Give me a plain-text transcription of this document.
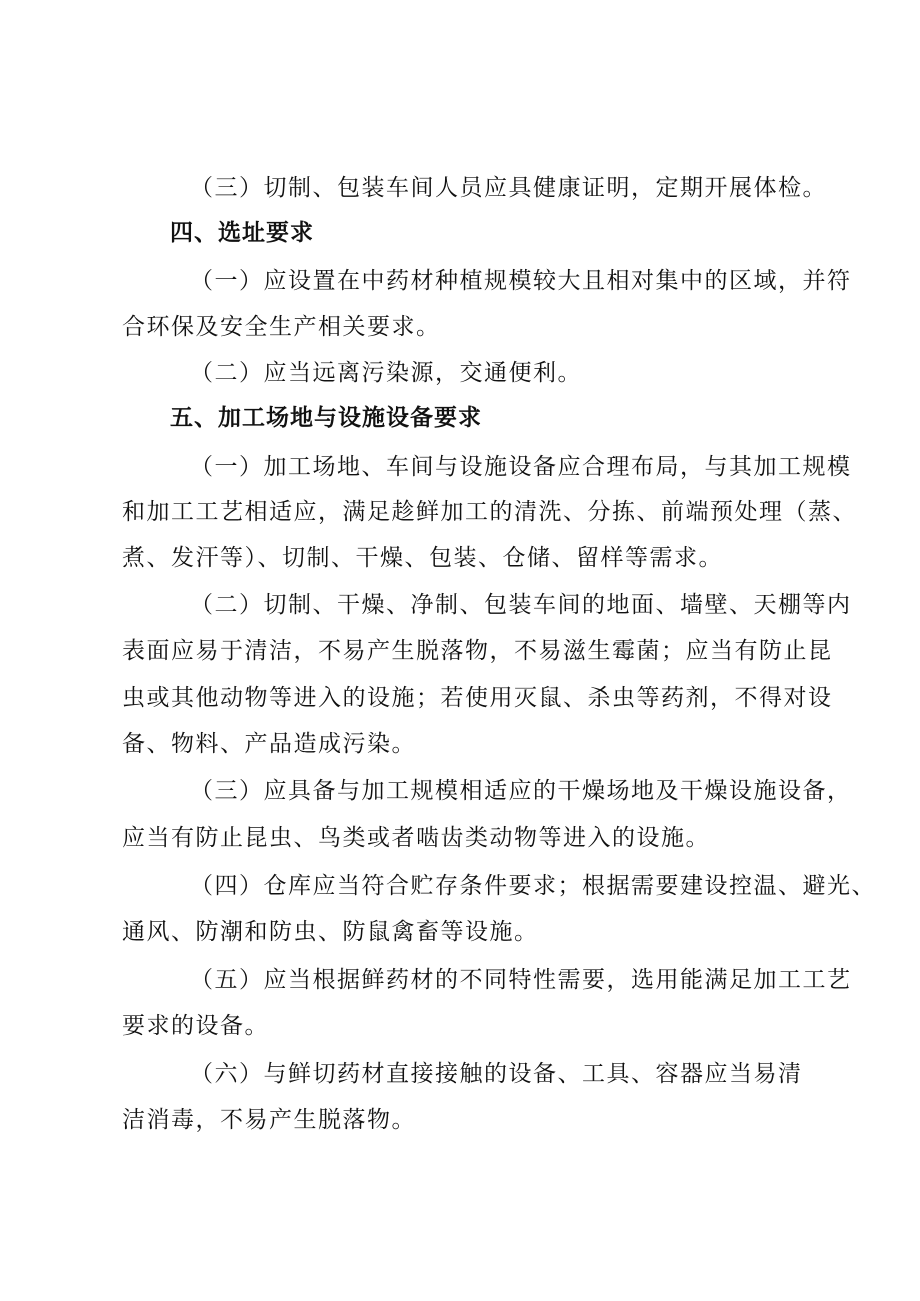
（三）切制、包装车间人员应具健康证明，定期开展体检。
四、选址要求
（一）应设置在中药材种植规模较大且相对集中的区域，并符
合环保及安全生产相关要求。
（二）应当远离污染源，交通便利。
五、加工场地与设施设备要求
（一）加工场地、车间与设施设备应合理布局，与其加工规模
和加工工艺相适应，满足趁鲜加工的清洗、分拣、前端预处理（蒸、
煮、发汗等）、切制、干燥、包装、仓储、留样等需求。
（二）切制、干燥、净制、包装车间的地面、墙壁、天棚等内
表面应易于清洁，不易产生脱落物，不易滋生霉菌；应当有防止昆
虫或其他动物等进入的设施；若使用灭鼠、杀虫等药剂，不得对设
备、物料、产品造成污染。
（三）应具备与加工规模相适应的干燥场地及干燥设施设备，
应当有防止昆虫、鸟类或者啮齿类动物等进入的设施。
（四）仓库应当符合贮存条件要求；根据需要建设控温、避光、
通风、防潮和防虫、防鼠禽畜等设施。
（五）应当根据鲜药材的不同特性需要，选用能满足加工工艺
要求的设备。
（六）与鲜切药材直接接触的设备、工具、容器应当易清
洁消毒，不易产生脱落物。
